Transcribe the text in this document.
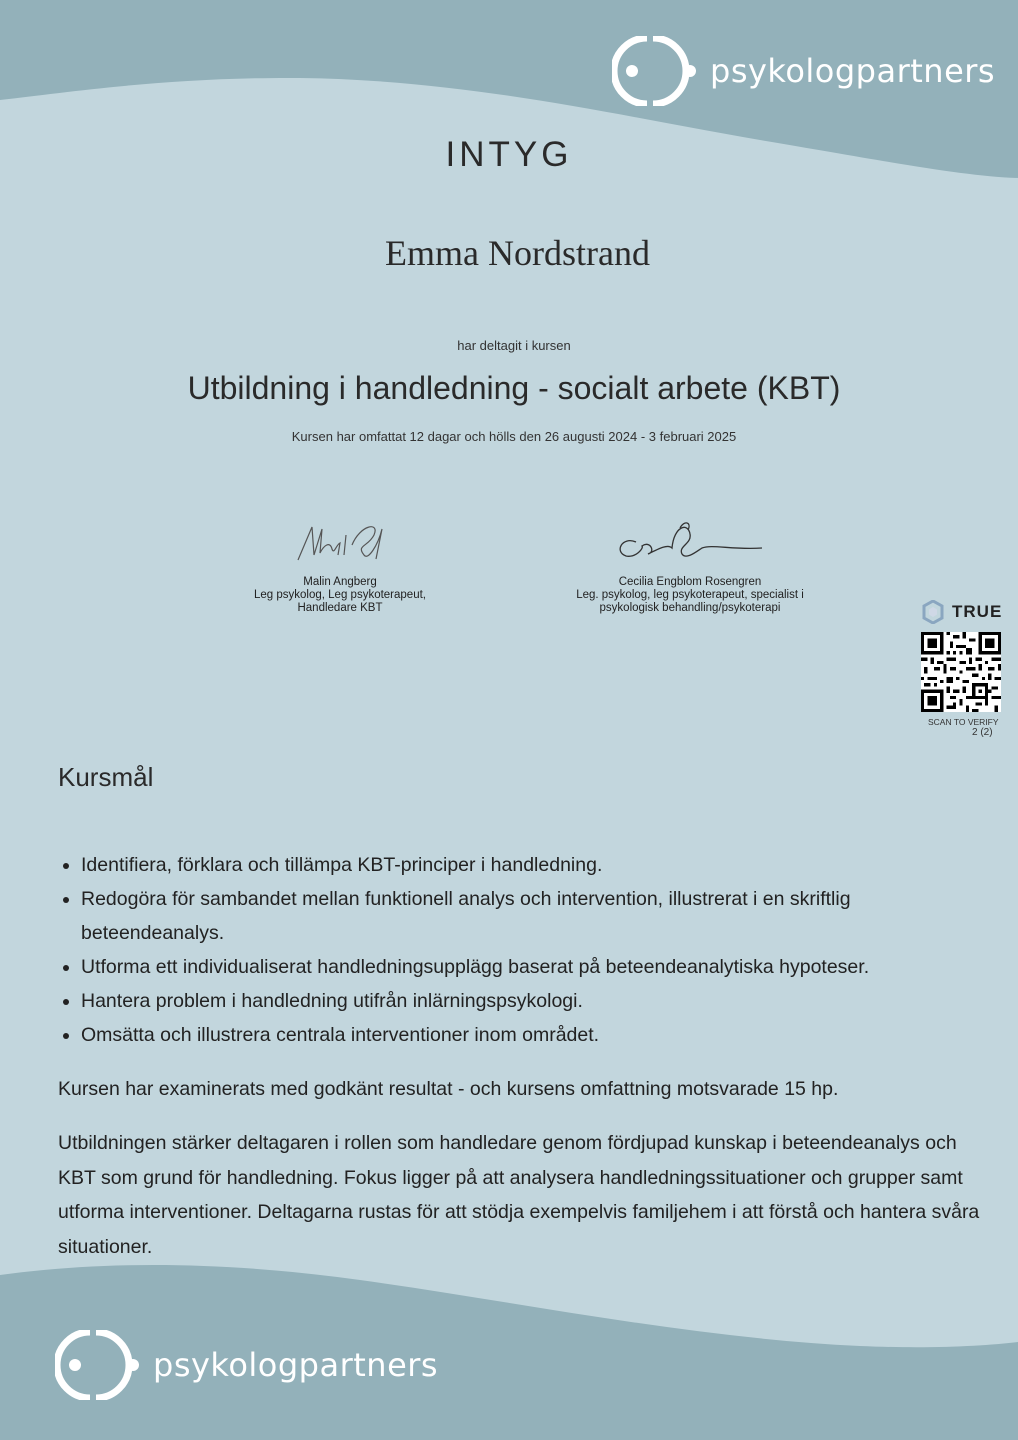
psykologpartners
INTYG
Emma Nordstrand
har deltagit i kursen
Utbildning i handledning - socialt arbete (KBT)
Kursen har omfattat 12 dagar och hölls den 26 augusti 2024 - 3 februari 2025
Malin Angberg
Leg psykolog, Leg psykoterapeut,
Handledare KBT
Cecilia Engblom Rosengren
Leg. psykolog, leg psykoterapeut, specialist i
psykologisk behandling/psykoterapi	TRUE
SCAN TO VERIFY
2 (2)
Kursmål
• Identifiera, förklara och tillämpa KBT-principer i handledning.
• Redogöra för sambandet mellan funktionell analys och intervention, illustrerat i en skriftlig beteendeanalys.
• Utforma ett individualiserat handledningsupplägg baserat på beteendeanalytiska hypoteser.
• Hantera problem i handledning utifrån inlärningspsykologi.
• Omsätta och illustrera centrala interventioner inom området.
Kursen har examinerats med godkänt resultat - och kursens omfattning motsvarade 15 hp.
Utbildningen stärker deltagaren i rollen som handledare genom fördjupad kunskap i beteendeanalys och KBT som grund för handledning. Fokus ligger på att analysera handledningssituationer och grupper samt utforma interventioner. Deltagarna rustas för att stödja exempelvis familjehem i att förstå och hantera svåra situationer.
psykologpartners
